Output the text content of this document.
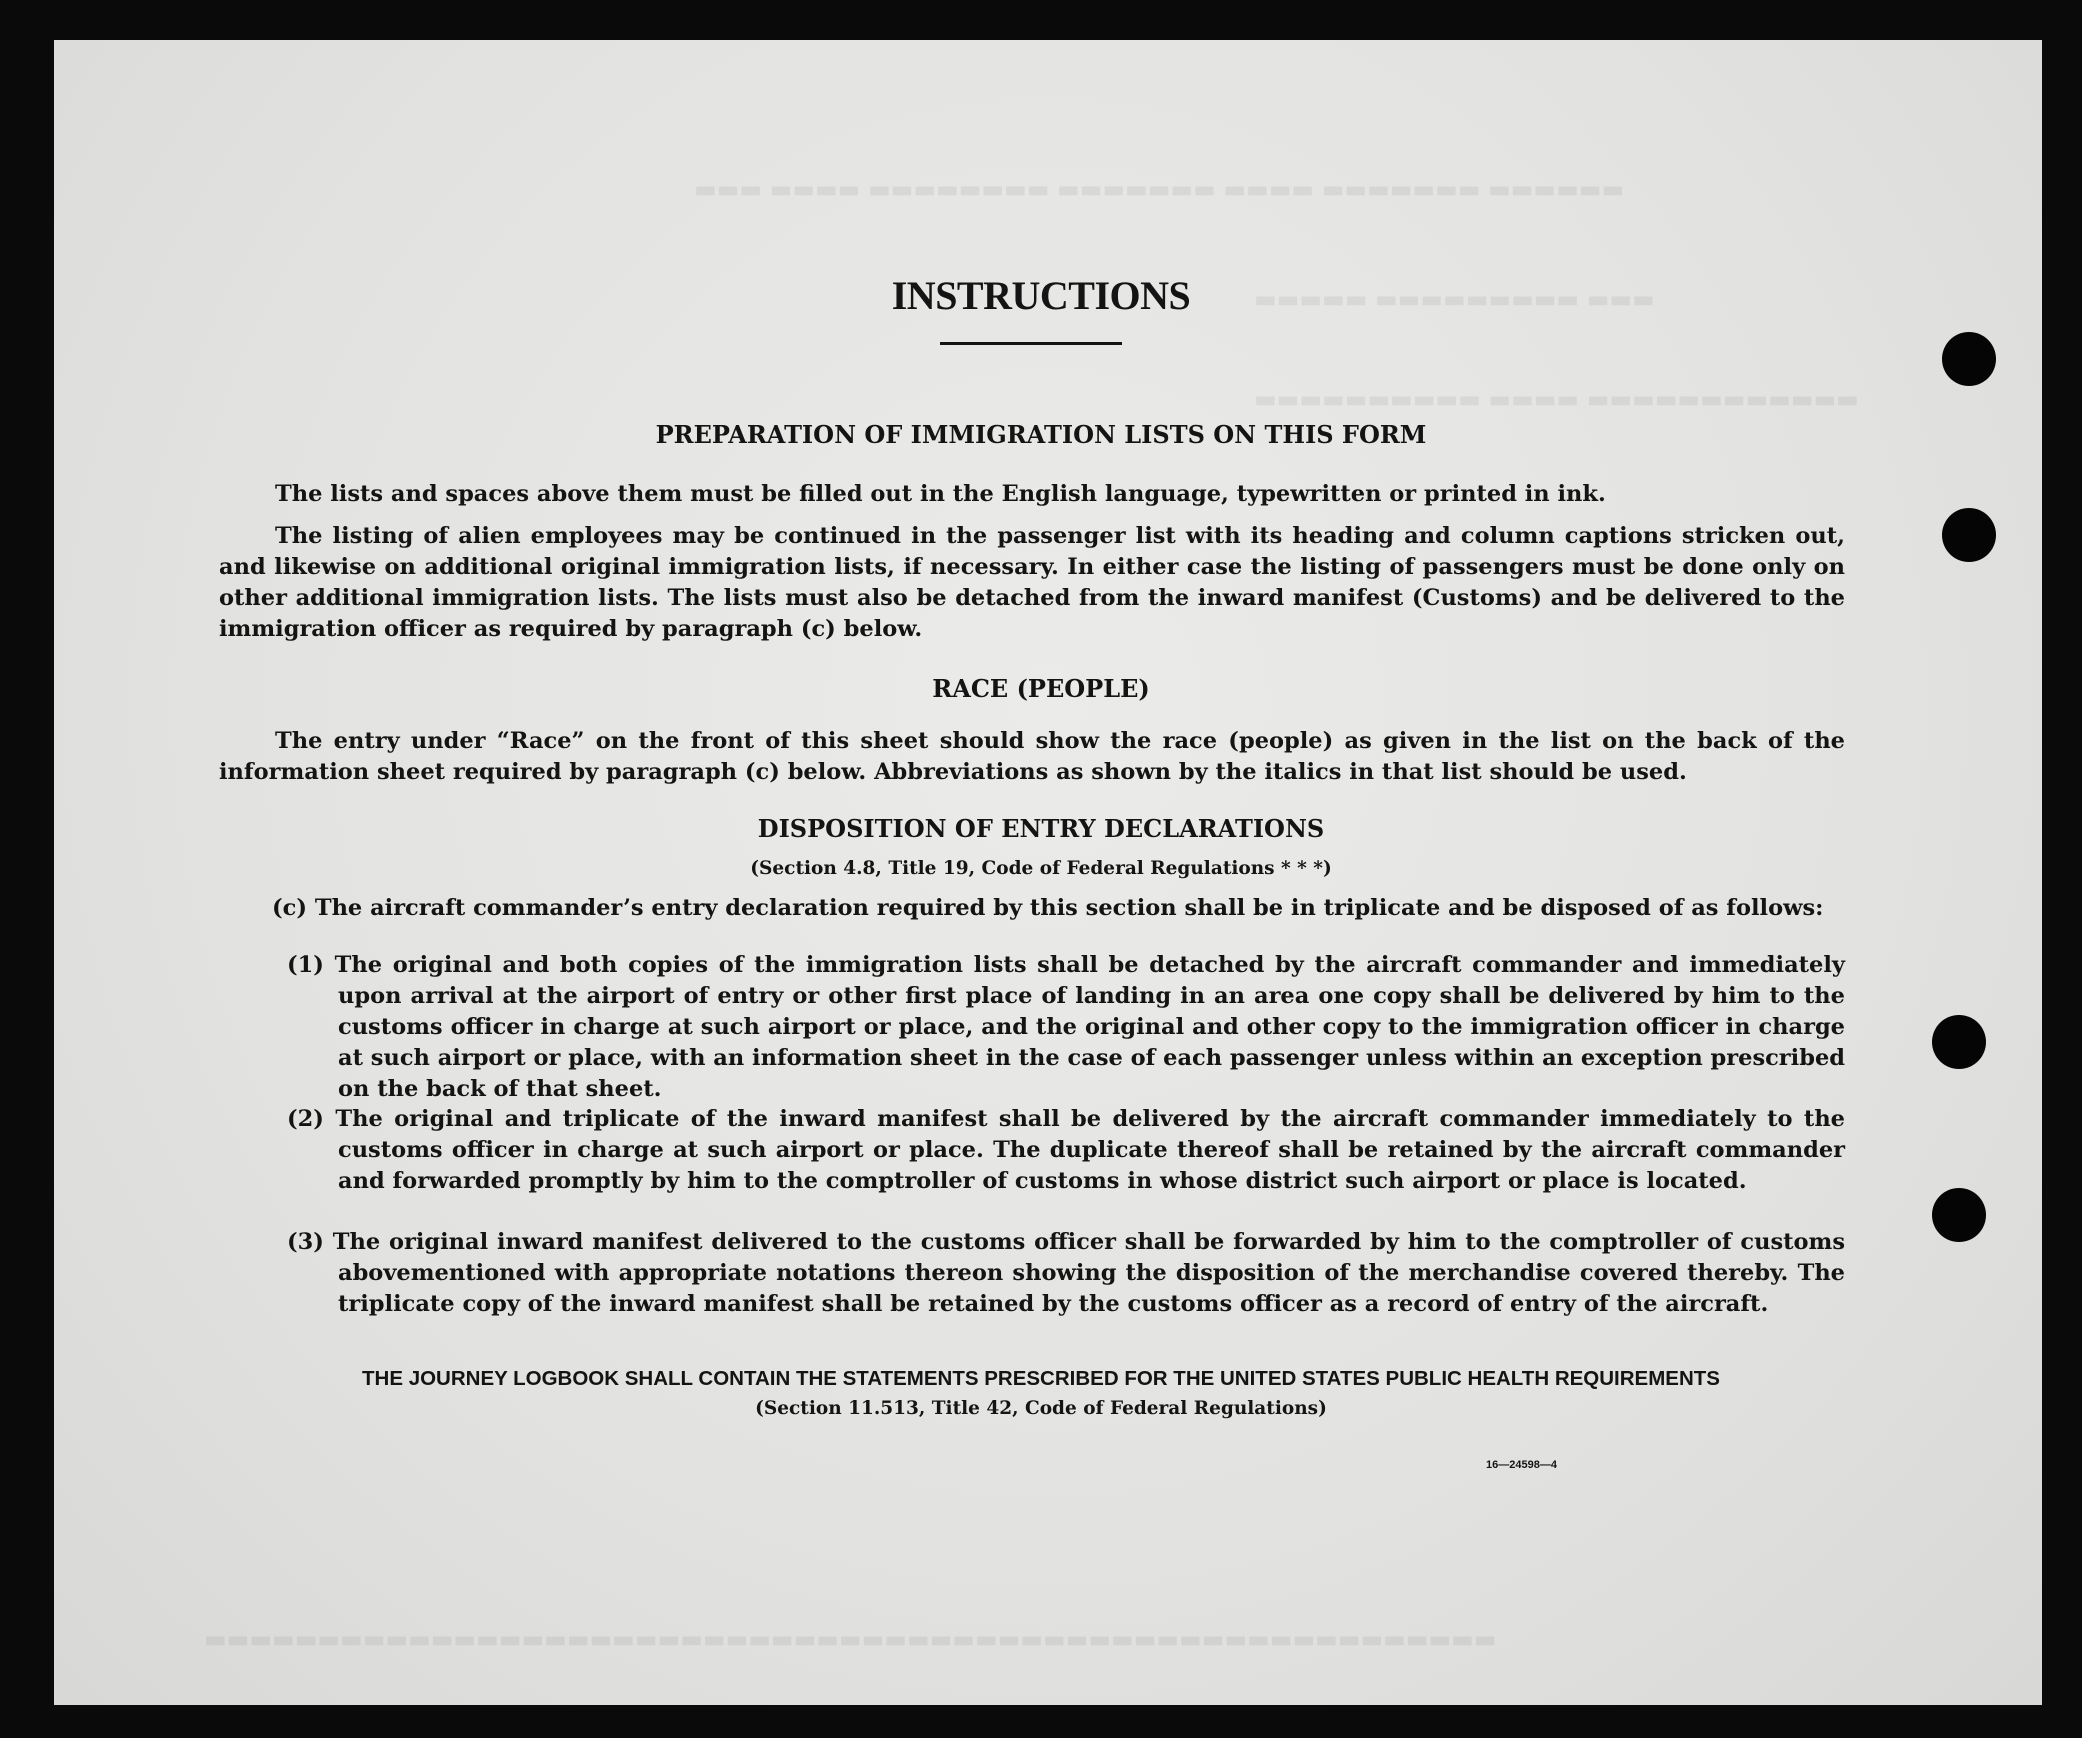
▬▬▬ ▬▬▬▬ ▬▬▬▬▬▬▬▬ ▬▬▬▬▬▬▬ ▬▬▬▬ ▬▬▬▬▬▬▬ ▬▬▬▬▬▬
▬▬▬▬▬ ▬▬▬▬▬▬▬▬▬ ▬▬▬
▬▬▬▬▬▬▬▬▬▬ ▬▬▬▬ ▬▬▬▬▬▬▬▬▬▬▬▬
▬▬▬▬▬▬▬▬▬▬▬▬▬▬▬▬▬▬▬▬▬▬▬▬▬▬▬▬▬▬▬▬▬▬▬▬▬▬▬▬▬▬▬▬▬▬▬▬▬▬▬▬▬▬▬▬▬
INSTRUCTIONS
PREPARATION OF IMMIGRATION LISTS ON THIS FORM

The lists and spaces above them must be filled out in the English language, typewritten or printed in ink.

The listing of alien employees may be continued in the passenger list with its heading and column captions stricken out, and likewise on additional original immigration lists, if necessary. In either case the listing of passengers must be done only on other additional immigration lists. The lists must also be detached from the inward manifest (Customs) and be delivered to the immigration officer as required by paragraph (c) below.

RACE (PEOPLE)

The entry under “Race” on the front of this sheet should show the race (people) as given in the list on the back of the information sheet required by paragraph (c) below. Abbreviations as shown by the italics in that list should be used.

DISPOSITION OF ENTRY DECLARATIONS
(Section 4.8, Title 19, Code of Federal Regulations * * *)

(c) The aircraft commander’s entry declaration required by this section shall be in triplicate and be disposed of as follows:

(1) The original and both copies of the immigration lists shall be detached by the aircraft commander and immediately upon arrival at the airport of entry or other first place of landing in an area one copy shall be delivered by him to the customs officer in charge at such airport or place, and the original and other copy to the immigration officer in charge at such airport or place, with an information sheet in the case of each passenger unless within an exception prescribed on the back of that sheet.

(2) The original and triplicate of the inward manifest shall be delivered by the aircraft commander immediately to the customs officer in charge at such airport or place. The duplicate thereof shall be retained by the aircraft commander and forwarded promptly by him to the comptroller of customs in whose district such airport or place is located.

(3) The original inward manifest delivered to the customs officer shall be forwarded by him to the comptroller of customs abovementioned with appropriate notations thereon showing the disposition of the merchandise covered thereby. The triplicate copy of the inward manifest shall be retained by the customs officer as a record of entry of the aircraft.

THE JOURNEY LOGBOOK SHALL CONTAIN THE STATEMENTS PRESCRIBED FOR THE UNITED STATES PUBLIC HEALTH REQUIREMENTS
(Section 11.513, Title 42, Code of Federal Regulations)
16—24598—4
